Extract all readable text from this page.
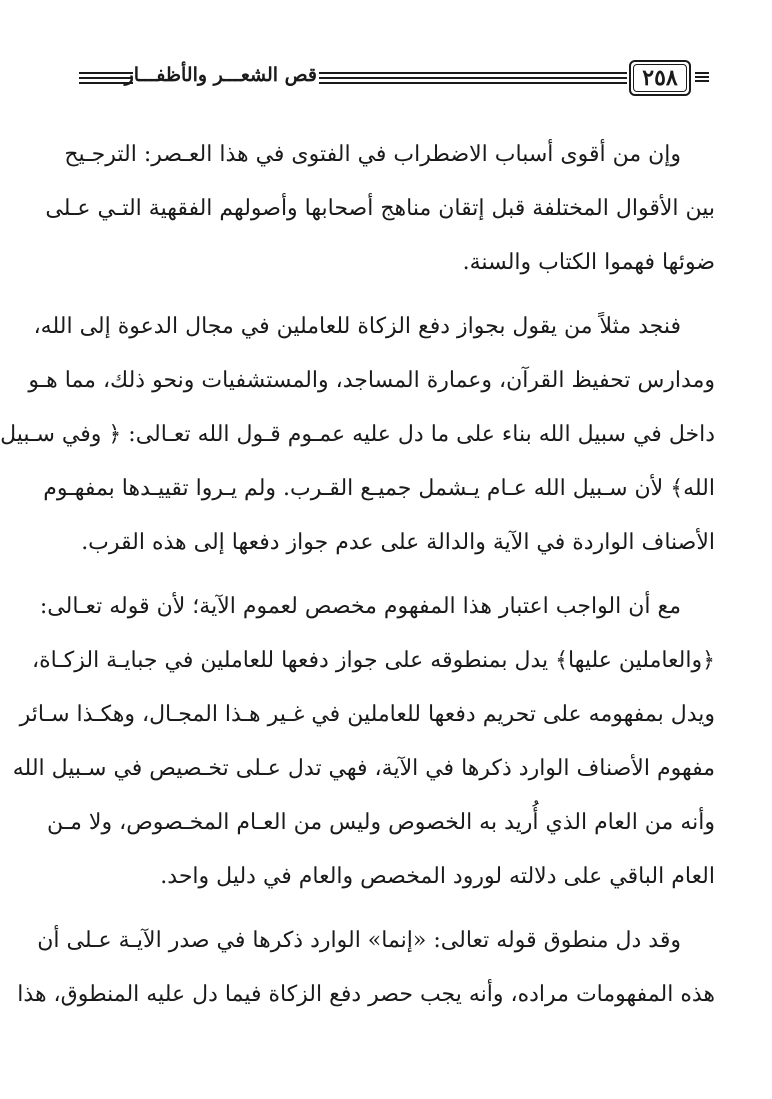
٢٥٨
قص الشعـــر والأظفـــار

وإن من أقوى أسباب الاضطراب في الفتوى في هذا العـصر: الترجـيح
بين الأقوال المختلفة قبل إتقان مناهج أصحابها وأصولهم الفقهية التـي عـلى
ضوئها فهموا الكتاب والسنة.

فنجد مثلاً من يقول بجواز دفع الزكاة للعاملين في مجال الدعوة إلى الله،
ومدارس تحفيظ القرآن، وعمارة المساجد، والمستشفيات ونحو ذلك، مما هـو
داخل في سبيل الله بناء على ما دل عليه عمـوم قـول الله تعـالى: ﴿ وفي سـبيل
الله﴾ لأن سـبيل الله عـام يـشمل جميـع القـرب. ولم يـروا تقييـدها بمفهـوم
الأصناف الواردة في الآية والدالة على عدم جواز دفعها إلى هذه القرب.

مع أن الواجب اعتبار هذا المفهوم مخصص لعموم الآية؛ لأن قوله تعـالى:
﴿والعاملين عليها﴾ يدل بمنطوقه على جواز دفعها للعاملين في جبايـة الزكـاة،
ويدل بمفهومه على تحريم دفعها للعاملين في غـير هـذا المجـال، وهكـذا سـائر
مفهوم الأصناف الوارد ذكرها في الآية، فهي تدل عـلى تخـصيص في سـبيل الله
وأنه من العام الذي أُريد به الخصوص وليس من العـام المخـصوص، ولا مـن
العام الباقي على دلالته لورود المخصص والعام في دليل واحد.

وقد دل منطوق قوله تعالى: «إنما» الوارد ذكرها في صدر الآيـة عـلى أن
هذه المفهومات مراده، وأنه يجب حصر دفع الزكاة فيما دل عليه المنطوق، هذا
